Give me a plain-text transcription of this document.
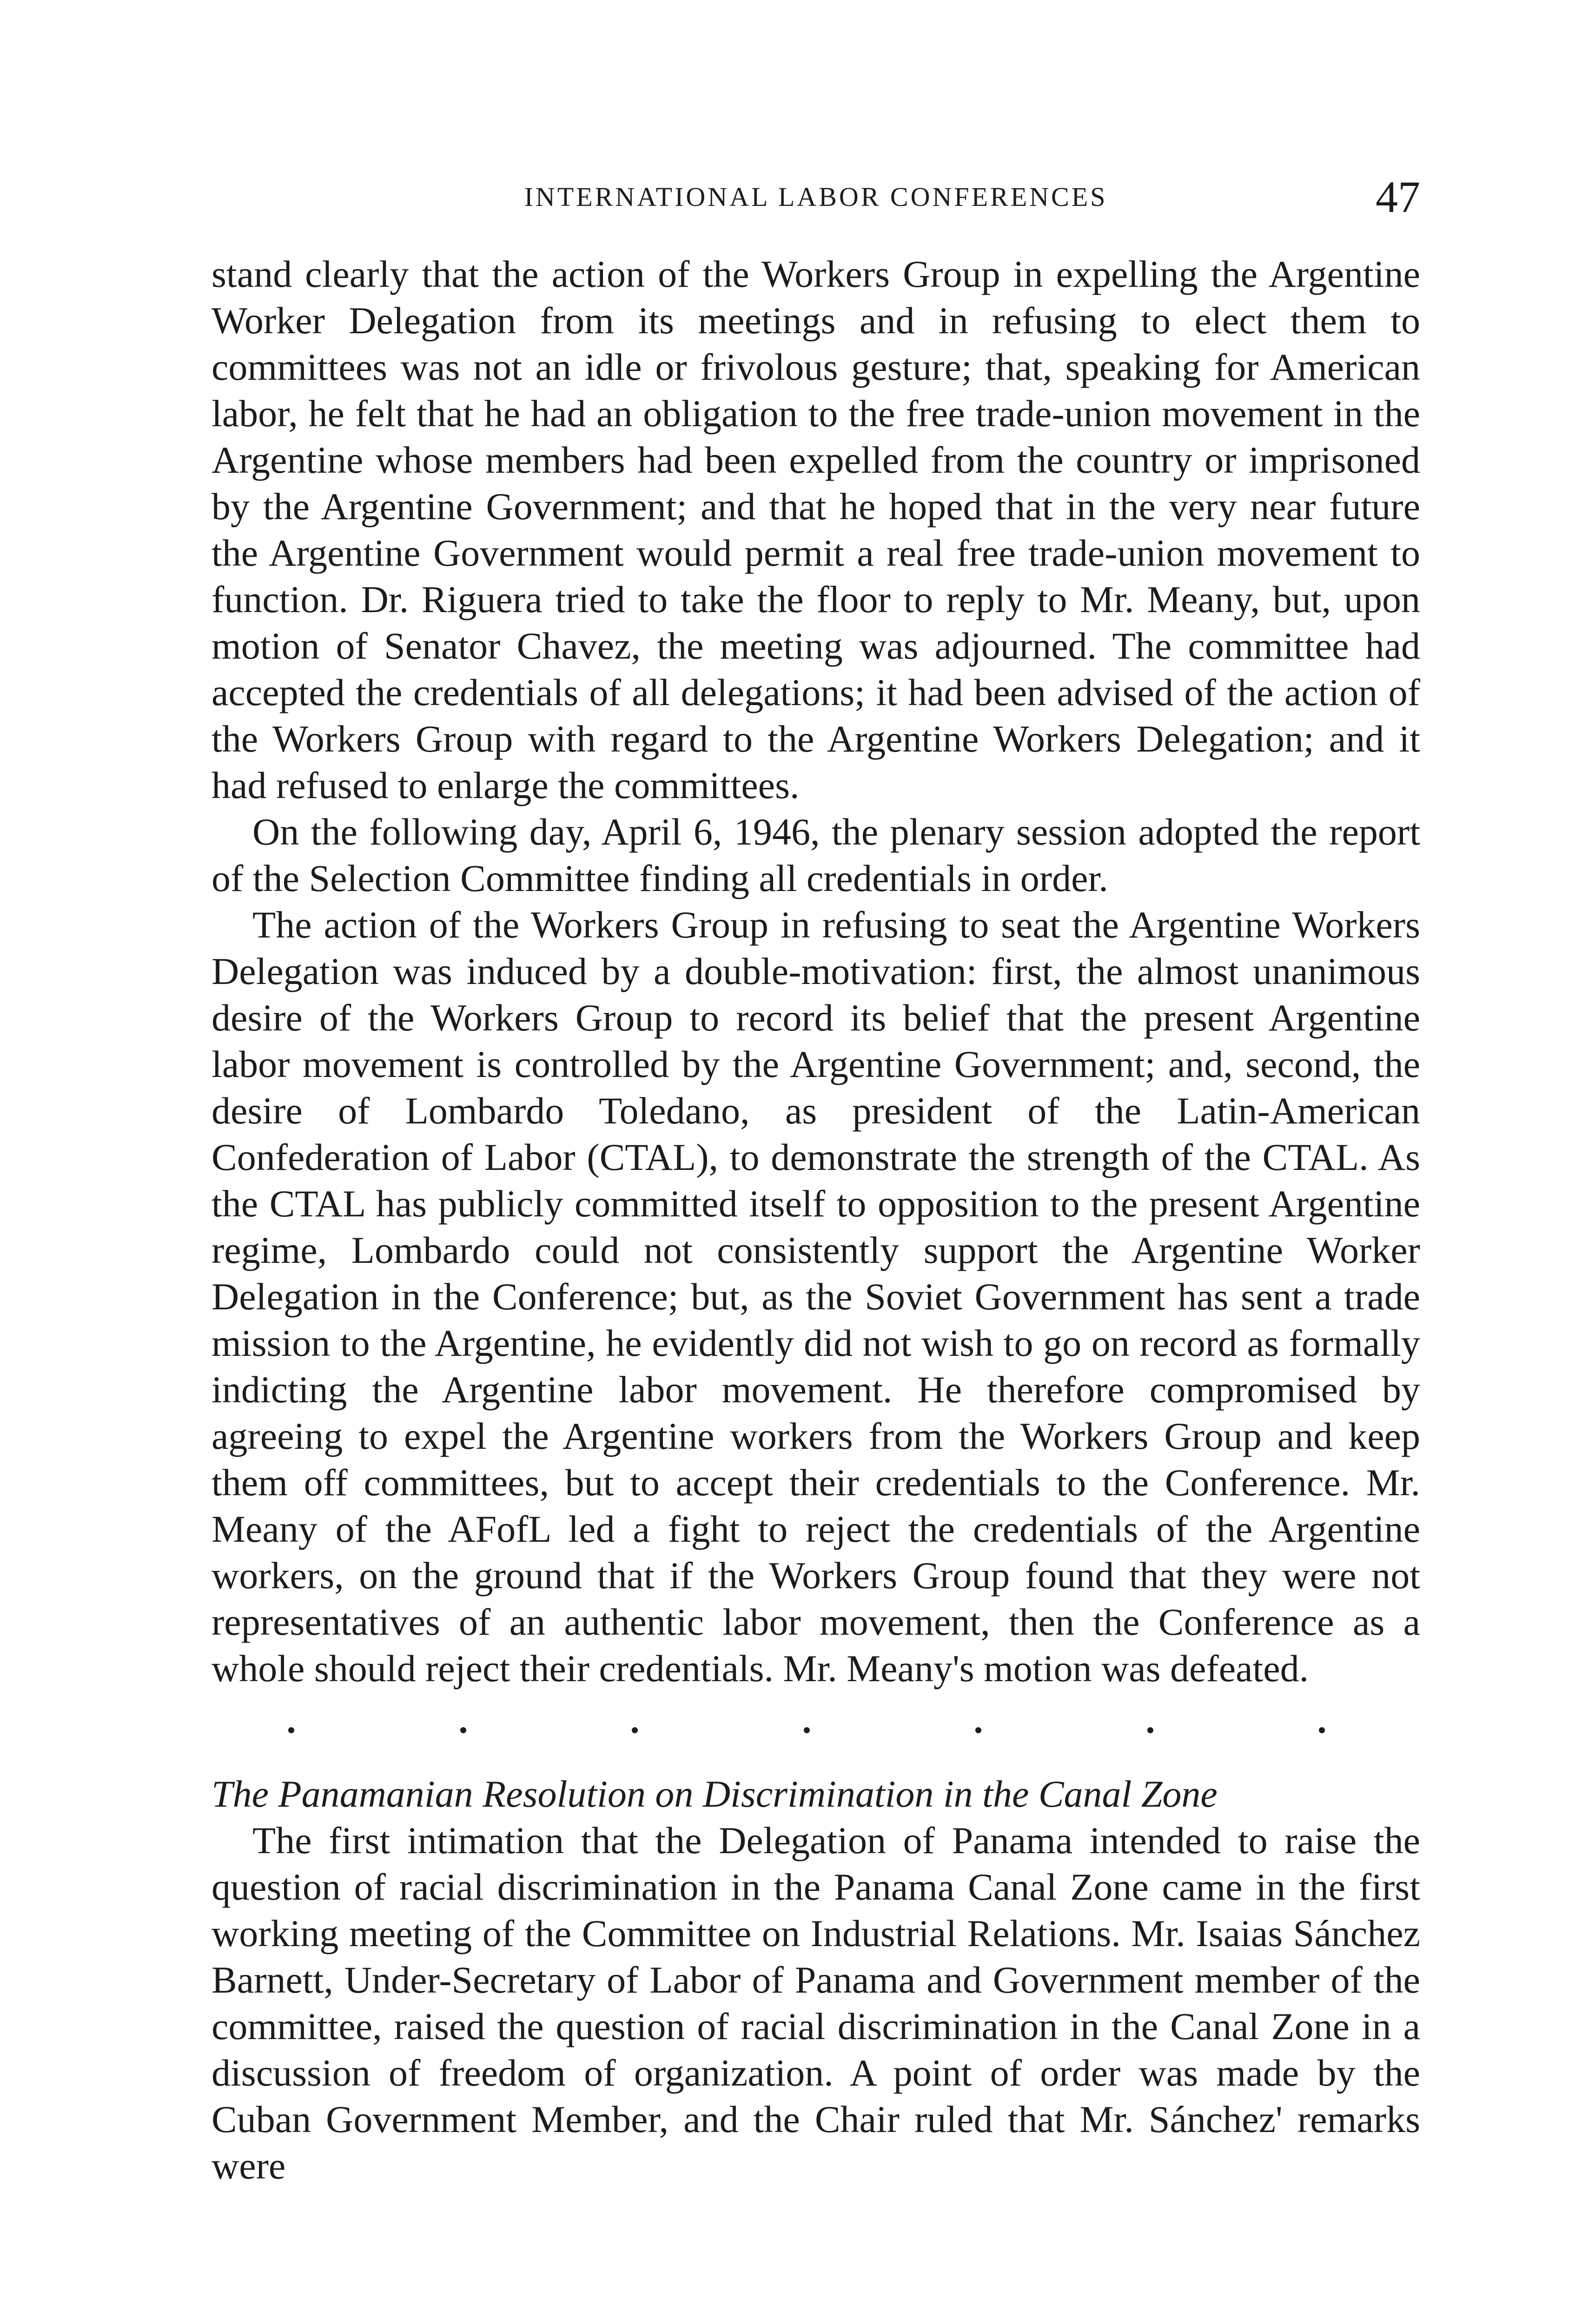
INTERNATIONAL LABOR CONFERENCES	47

stand clearly that the action of the Workers Group in expelling the Argentine Worker Delegation from its meetings and in refusing to elect them to committees was not an idle or frivolous gesture; that, speaking for American labor, he felt that he had an obligation to the free trade-union movement in the Argentine whose members had been expelled from the country or imprisoned by the Argentine Government; and that he hoped that in the very near future the Argentine Government would permit a real free trade-union movement to function. Dr. Riguera tried to take the floor to reply to Mr. Meany, but, upon motion of Senator Chavez, the meeting was adjourned. The committee had accepted the credentials of all delegations; it had been advised of the action of the Workers Group with regard to the Argentine Workers Delegation; and it had refused to enlarge the committees.

On the following day, April 6, 1946, the plenary session adopted the report of the Selection Committee finding all credentials in order.

The action of the Workers Group in refusing to seat the Argentine Workers Delegation was induced by a double-motivation: first, the almost unanimous desire of the Workers Group to record its belief that the present Argentine labor movement is controlled by the Argentine Government; and, second, the desire of Lombardo Toledano, as president of the Latin-American Confederation of Labor (CTAL), to demonstrate the strength of the CTAL. As the CTAL has publicly committed itself to opposition to the present Argentine regime, Lombardo could not consistently support the Argentine Worker Delegation in the Conference; but, as the Soviet Government has sent a trade mission to the Argentine, he evidently did not wish to go on record as formally indicting the Argentine labor movement. He therefore compromised by agreeing to expel the Argentine workers from the Workers Group and keep them off committees, but to accept their credentials to the Conference. Mr. Meany of the AFofL led a fight to reject the credentials of the Argentine workers, on the ground that if the Workers Group found that they were not representatives of an authentic labor movement, then the Conference as a whole should reject their credentials. Mr. Meany's motion was defeated.

The Panamanian Resolution on Discrimination in the Canal Zone

The first intimation that the Delegation of Panama intended to raise the question of racial discrimination in the Panama Canal Zone came in the first working meeting of the Committee on Industrial Relations. Mr. Isaias Sánchez Barnett, Under-Secretary of Labor of Panama and Government member of the committee, raised the question of racial discrimination in the Canal Zone in a discussion of freedom of organization. A point of order was made by the Cuban Government Member, and the Chair ruled that Mr. Sánchez' remarks were
